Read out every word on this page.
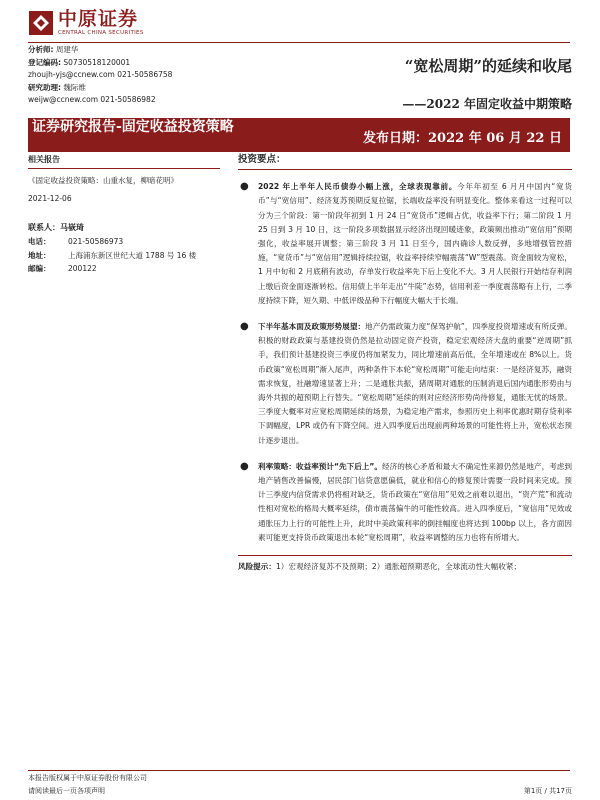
中原证券
CENTRAL CHINA SECURITIES
分析师: 周建华
登记编码: S0730518120001
zhoujh-yjs@ccnew.com 021-50586758
研究助理: 魏际维
weijw@ccnew.com 021-50586982
“宽松周期”的延续和收尾
——2022 年固定收益中期策略
证券研究报告-固定收益投资策略
发布日期：2022 年 06 月 22 日
相关报告
《固定收益投资策略：山重水复，柳暗花明》
2021-12-06
联系人：马嵚琦
电话：	021-50586973
地址：	上海浦东新区世纪大道 1788 号 16 楼
邮编：	200122
投资要点：

● 2022 年上半年人民币债券小幅上涨，全球表现靠前。今年年初至 6 月月中国内“宽货币”与“宽信用”、经济复苏预期反复拉锯，长端收益率没有明显变化。整体来看这一过程可以分为三个阶段：第一阶段年初到 1 月 24 日“宽货币”逻辑占优，收益率下行；第二阶段 1 月 25 日到 3 月 10 日，这一阶段多项数据显示经济出现回暖迹象，政策频出推动“宽信用”预期强化，收益率展开调整；第三阶段 3 月 11 日至今，国内确诊人数反弹，多地增强管控措施，“宽货币”与“宽信用”逻辑持续拉锯，收益率持续窄幅震荡“W”型震荡。资金面较为宽松，1 月中旬和 2 月底稍有波动，存单发行收益率先下后上变化不大。3 月人民银行开始结存利润上缴后资金面逐渐转松。信用债上半年走出“牛陡”态势，信用利差一季度震荡略有上行，二季度持续下降，短久期、中低评级品种下行幅度大幅大于长端。

● 下半年基本面及政策形势展望：地产仍需政策力度“保驾护航”，四季度投资增速或有所反弹。积极的财政政策与基建投资仍然是拉动固定资产投资，稳定宏观经济大盘的重要“逆周期”抓手，我们预计基建投资三季度仍将加紧发力，同比增速前高后低，全年增速或在 8%以上。货币政策“宽松周期”渐入尾声，两种条件下本轮“宽松周期”可能走向结束：一是经济复苏，融资需求恢复，社融增速显著上升；二是通胀共振，猪周期对通胀的压制消退后国内通胀形势由与海外共振的超预期上行替失。“宽松周期”延续的则对应经济形势尚待修复，通胀无忧的场景。三季度大概率对应宽松周期延续的场景，为稳定地产需求，参照历史上利率优惠时期存贷利率下调幅度，LPR 或仍有下降空间。进入四季度后出现前两种场景的可能性将上升，宽松状态预计逐步退出。

● 利率策略：收益率预计“先下后上”。经济的核心矛盾和最大不确定性来源仍然是地产，考虑到地产销售改善偏慢，居民部门信贷意愿偏低，就业和信心的修复预计需要一段时间来完成。预计三季度内信贷需求仍将相对缺乏，货币政策在“宽信用”见效之前难以退出，“资产荒”和流动性相对宽松的格局大概率延续，债市震荡偏牛的可能性较高。进入四季度后，“宽信用”见效或通胀压力上行的可能性上升，此时中美政策利率的倒挂幅度也将达到 100bp 以上，各方面因素可能更支持货币政策退出本轮“宽松周期”，收益率调整的压力也将有所增大。

风险提示：1）宏观经济复苏不及预期；2）通胀超预期恶化，全球流动性大幅收紧；

本报告版权属于中原证券股份有限公司
请阅读最后一页各项声明	第1页 / 共17页
